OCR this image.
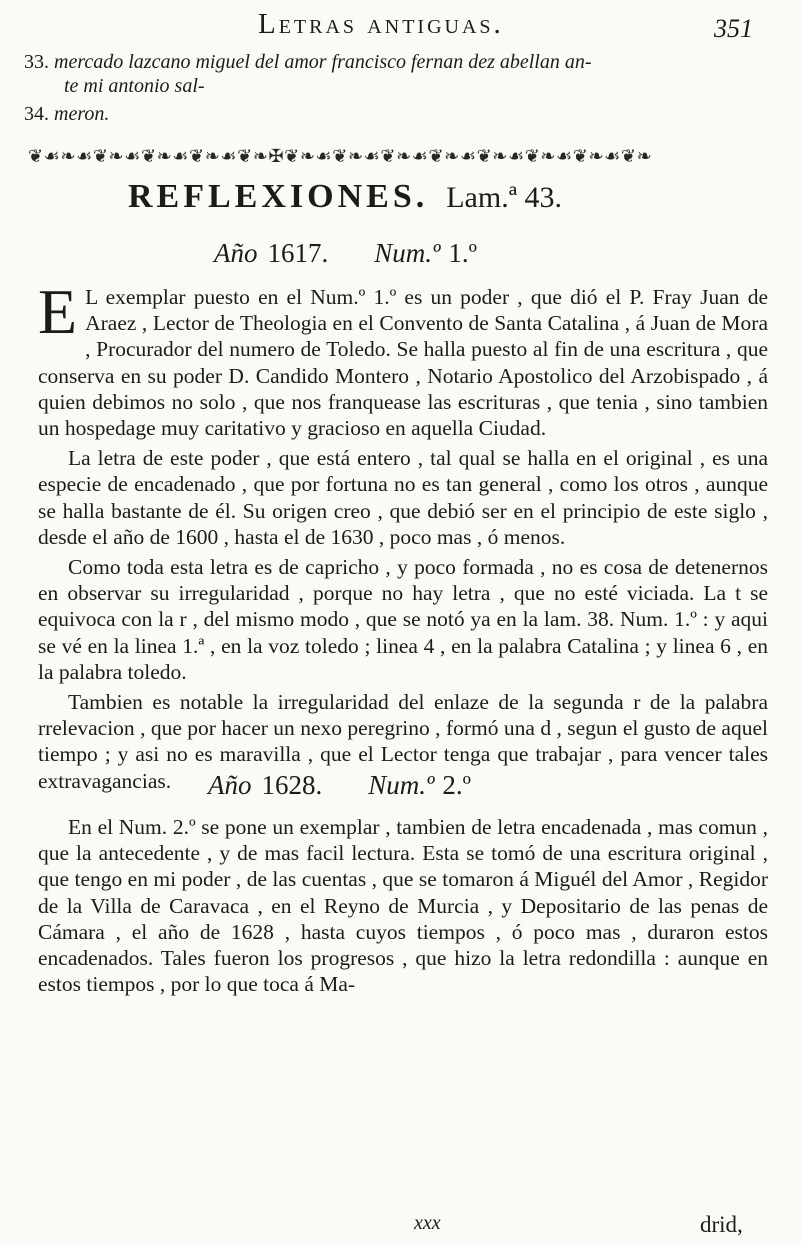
Letras antiguas.	351
33. mercado lazcano miguel del amor francisco fernan dez abellan an-
te mi antonio sal-
34. meron.
❦☙❧☙❦❧☙❦❧☙❦❧☙❦❧✠❦❧☙❦❧☙❦❧☙❦❧☙❦❧☙❦❧☙❦❧☙❦❧
REFLEXIONES. Lam.ª 43.
Año 1617. Num.º 1.º

E L exemplar puesto en el Num.º 1.º es un poder , que dió el P. Fray Juan de Araez , Lector de Theologia en el Convento de Santa Catalina , á Juan de Mora , Procurador del numero de Toledo. Se halla puesto al fin de una escritura , que conserva en su poder D. Candido Montero , Notario Apostolico del Arzobispado , á quien debimos no solo , que nos franquease las escrituras , que tenia , sino tambien un hospedage muy caritativo y gracioso en aquella Ciudad.

La letra de este poder , que está entero , tal qual se halla en el original , es una especie de encadenado , que por fortuna no es tan general , como los otros , aunque se halla bastante de él. Su origen creo , que debió ser en el principio de este siglo , desde el año de 1600 , hasta el de 1630 , poco mas , ó menos.

Como toda esta letra es de capricho , y poco formada , no es cosa de detenernos en observar su irregularidad , porque no hay letra , que no esté viciada. La t se equivoca con la r , del mismo modo , que se notó ya en la lam. 38. Num. 1.º : y aqui se vé en la linea 1.ª , en la voz toledo ; linea 4 , en la palabra Catalina ; y linea 6 , en la palabra toledo.

Tambien es notable la irregularidad del enlaze de la segunda r de la palabra rrelevacion , que por hacer un nexo peregrino , formó una d , segun el gusto de aquel tiempo ; y asi no es maravilla , que el Lector tenga que trabajar , para vencer tales extravagancias.	Año 1628. Num.º 2.º

En el Num. 2.º se pone un exemplar , tambien de letra encadenada , mas comun , que la antecedente , y de mas facil lectura. Esta se tomó de una escritura original , que tengo en mi poder , de las cuentas , que se tomaron á Miguél del Amor , Regidor de la Villa de Caravaca , en el Reyno de Murcia , y Depositario de las penas de Cámara , el año de 1628 , hasta cuyos tiempos , ó poco mas , duraron estos encadenados. Tales fueron los progresos , que hizo la letra redondilla : aunque en estos tiempos , por lo que toca á Ma-

xxx	drid,
